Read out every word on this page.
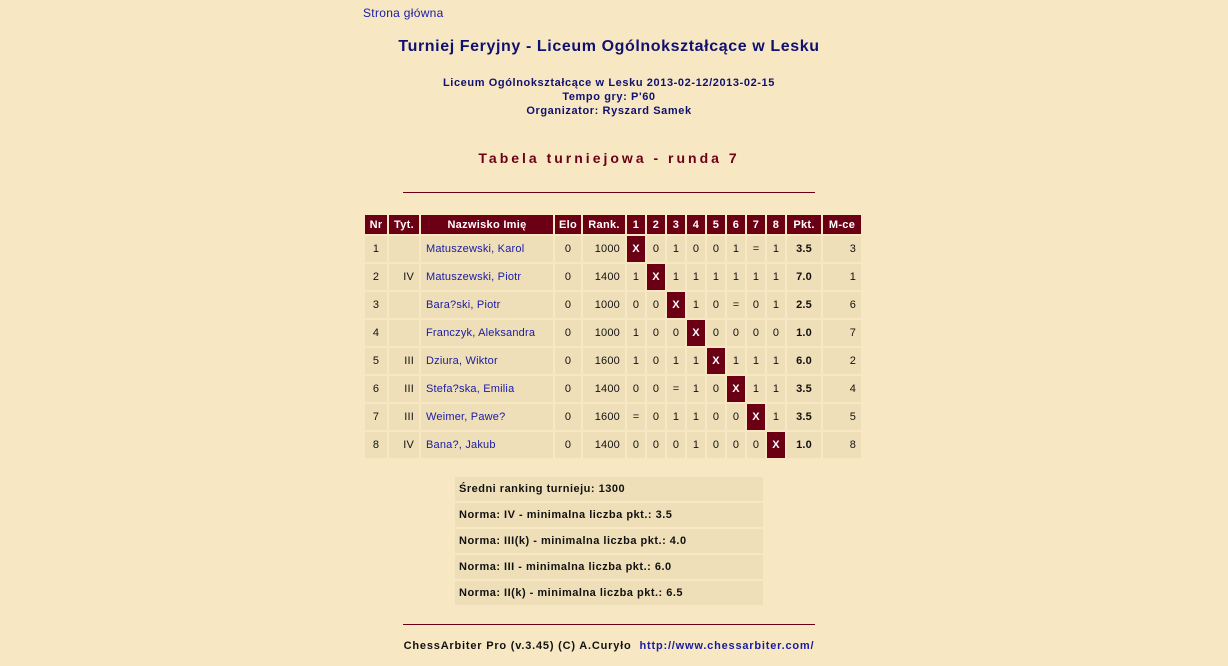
Strona główna
Turniej Feryjny - Liceum Ogólnokształcące w Lesku
Liceum Ogólnokształcące w Lesku 2013-02-12/2013-02-15
Tempo gry: P'60
Organizator: Ryszard Samek
Tabela turniejowa - runda 7
Nr	Tyt.	Nazwisko Imię	Elo	Rank.	1	2	3	4	5	6	7	8	Pkt.	M-ce
1		Matuszewski, Karol	0	1000	X	0	1	0	0	1	=	1	3.5	3
2	IV	Matuszewski, Piotr	0	1400	1	X	1	1	1	1	1	1	7.0	1
3		Bara?ski, Piotr	0	1000	0	0	X	1	0	=	0	1	2.5	6
4		Franczyk, Aleksandra	0	1000	1	0	0	X	0	0	0	0	1.0	7
5	III	Dziura, Wiktor	0	1600	1	0	1	1	X	1	1	1	6.0	2
6	III	Stefa?ska, Emilia	0	1400	0	0	=	1	0	X	1	1	3.5	4
7	III	Weimer, Pawe?	0	1600	=	0	1	1	0	0	X	1	3.5	5
8	IV	Bana?, Jakub	0	1400	0	0	0	1	0	0	0	X	1.0	8
Średni ranking turnieju: 1300
Norma: IV - minimalna liczba pkt.: 3.5
Norma: III(k) - minimalna liczba pkt.: 4.0
Norma: III - minimalna liczba pkt.: 6.0
Norma: II(k) - minimalna liczba pkt.: 6.5
ChessArbiter Pro (v.3.45) (C) A.Curyło http://www.chessarbiter.com/
